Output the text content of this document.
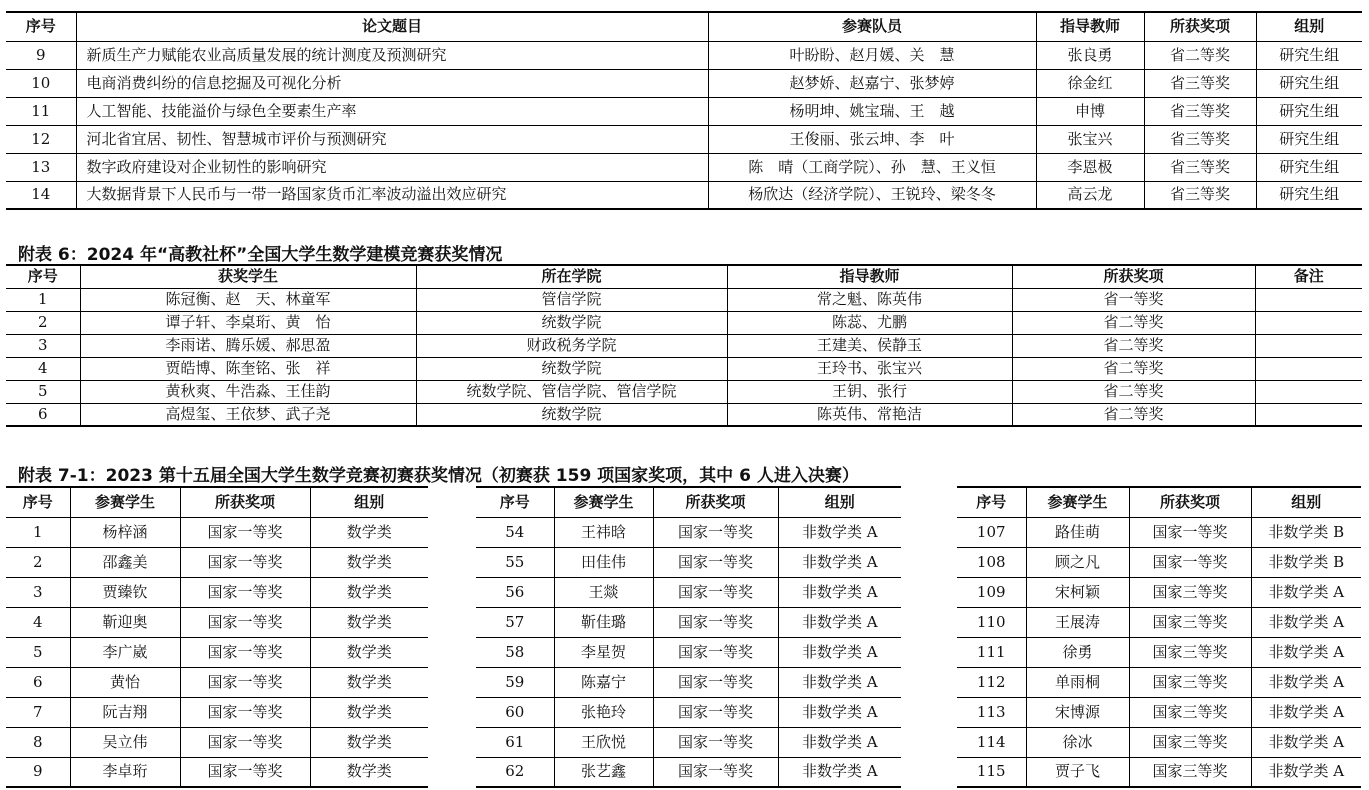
序号	论文题目	参赛队员	指导教师	所获奖项	组别
9	新质生产力赋能农业高质量发展的统计测度及预测研究	叶盼盼、赵月媛、关　慧	张良勇	省二等奖	研究生组
10	电商消费纠纷的信息挖掘及可视化分析	赵梦娇、赵嘉宁、张梦婷	徐金红	省三等奖	研究生组
11	人工智能、技能溢价与绿色全要素生产率	杨明坤、姚宝瑞、王　越	申博	省三等奖	研究生组
12	河北省宜居、韧性、智慧城市评价与预测研究	王俊丽、张云坤、李　叶	张宝兴	省三等奖	研究生组
13	数字政府建设对企业韧性的影响研究	陈　晴（工商学院）、孙　慧、王义恒	李恩极	省三等奖	研究生组
14	大数据背景下人民币与一带一路国家货币汇率波动溢出效应研究	杨欣达（经济学院）、王锐玲、梁冬冬	高云龙	省三等奖	研究生组
附表 6：2024 年“高教社杯”全国大学生数学建模竞赛获奖情况
序号	获奖学生	所在学院	指导教师	所获奖项	备注
1	陈冠衡、赵　天、林童军	管信学院	常之魁、陈英伟	省一等奖	
2	谭子轩、李桌珩、黄　怡	统数学院	陈蕊、尤鹏	省二等奖	
3	李雨诺、腾乐媛、郝思盈	财政税务学院	王建美、侯静玉	省二等奖	
4	贾皓博、陈奎铭、张　祥	统数学院	王玲书、张宝兴	省二等奖	
5	黄秋爽、牛浩淼、王佳韵	统数学院、管信学院、管信学院	王钥、张行	省二等奖	
6	高煜玺、王依梦、武子尧	统数学院	陈英伟、常艳洁	省二等奖	
附表 7-1：2023 第十五届全国大学生数学竞赛初赛获奖情况（初赛获 159 项国家奖项，其中 6 人进入决赛）
序号	参赛学生	所获奖项	组别
1	杨梓涵	国家一等奖	数学类
2	邵鑫美	国家一等奖	数学类
3	贾臻钦	国家一等奖	数学类
4	靳迎奥	国家一等奖	数学类
5	李广崴	国家一等奖	数学类
6	黄怡	国家一等奖	数学类
7	阮吉翔	国家一等奖	数学类
8	吴立伟	国家一等奖	数学类
9	李卓珩	国家一等奖	数学类
序号	参赛学生	所获奖项	组别
54	王祎晗	国家一等奖	非数学类 A
55	田佳伟	国家一等奖	非数学类 A
56	王燚	国家一等奖	非数学类 A
57	靳佳璐	国家一等奖	非数学类 A
58	李星贺	国家一等奖	非数学类 A
59	陈嘉宁	国家一等奖	非数学类 A
60	张艳玲	国家一等奖	非数学类 A
61	王欣悦	国家一等奖	非数学类 A
62	张艺鑫	国家一等奖	非数学类 A
序号	参赛学生	所获奖项	组别
107	路佳萌	国家一等奖	非数学类 B
108	顾之凡	国家一等奖	非数学类 B
109	宋柯颖	国家三等奖	非数学类 A
110	王展涛	国家三等奖	非数学类 A
111	徐勇	国家三等奖	非数学类 A
112	单雨桐	国家三等奖	非数学类 A
113	宋博源	国家三等奖	非数学类 A
114	徐冰	国家三等奖	非数学类 A
115	贾子飞	国家三等奖	非数学类 A
